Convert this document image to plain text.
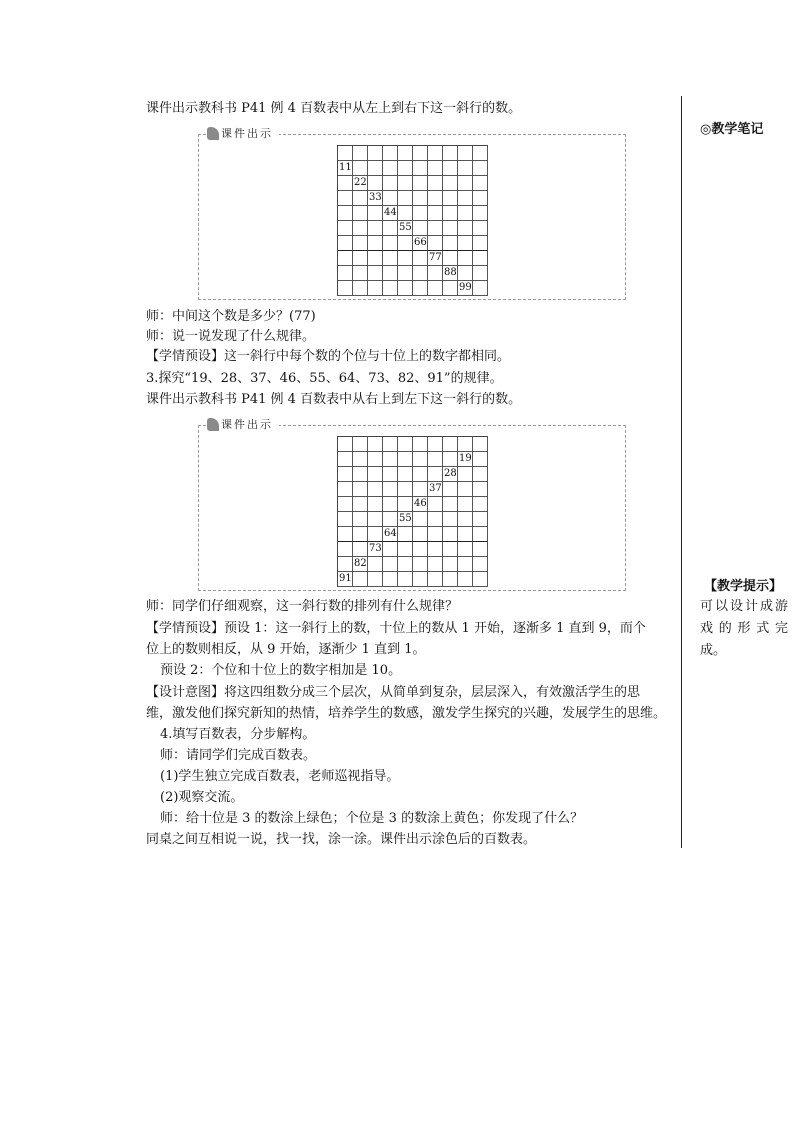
课件出示教科书 P41 例 4 百数表中从左上到右下这一斜行的数。
课件出示
11
22
33
44
55
66
77
88
99
师：中间这个数是多少？(77)
师：说一说发现了什么规律。
【学情预设】这一斜行中每个数的个位与十位上的数字都相同。
3.探究“19、28、37、46、55、64、73、82、91”的规律。
课件出示教科书 P41 例 4 百数表中从右上到左下这一斜行的数。
课件出示
19
28
37
46
55
64
73
82
91
师：同学们仔细观察，这一斜行数的排列有什么规律？
【学情预设】预设 1：这一斜行上的数，十位上的数从 1 开始，逐渐多 1 直到 9，而个
位上的数则相反，从 9 开始，逐渐少 1 直到 1。
预设 2：个位和十位上的数字相加是 10。
【设计意图】将这四组数分成三个层次，从简单到复杂，层层深入，有效激活学生的思
维，激发他们探究新知的热情，培养学生的数感，激发学生探究的兴趣，发展学生的思维。
4.填写百数表，分步解构。
师：请同学们完成百数表。
(1)学生独立完成百数表，老师巡视指导。
(2)观察交流。
师：给十位是 3 的数涂上绿色；个位是 3 的数涂上黄色；你发现了什么？
同桌之间互相说一说，找一找，涂一涂。课件出示涂色后的百数表。
◎教学笔记
【教学提示】
可以设计成游戏的形式完成。
